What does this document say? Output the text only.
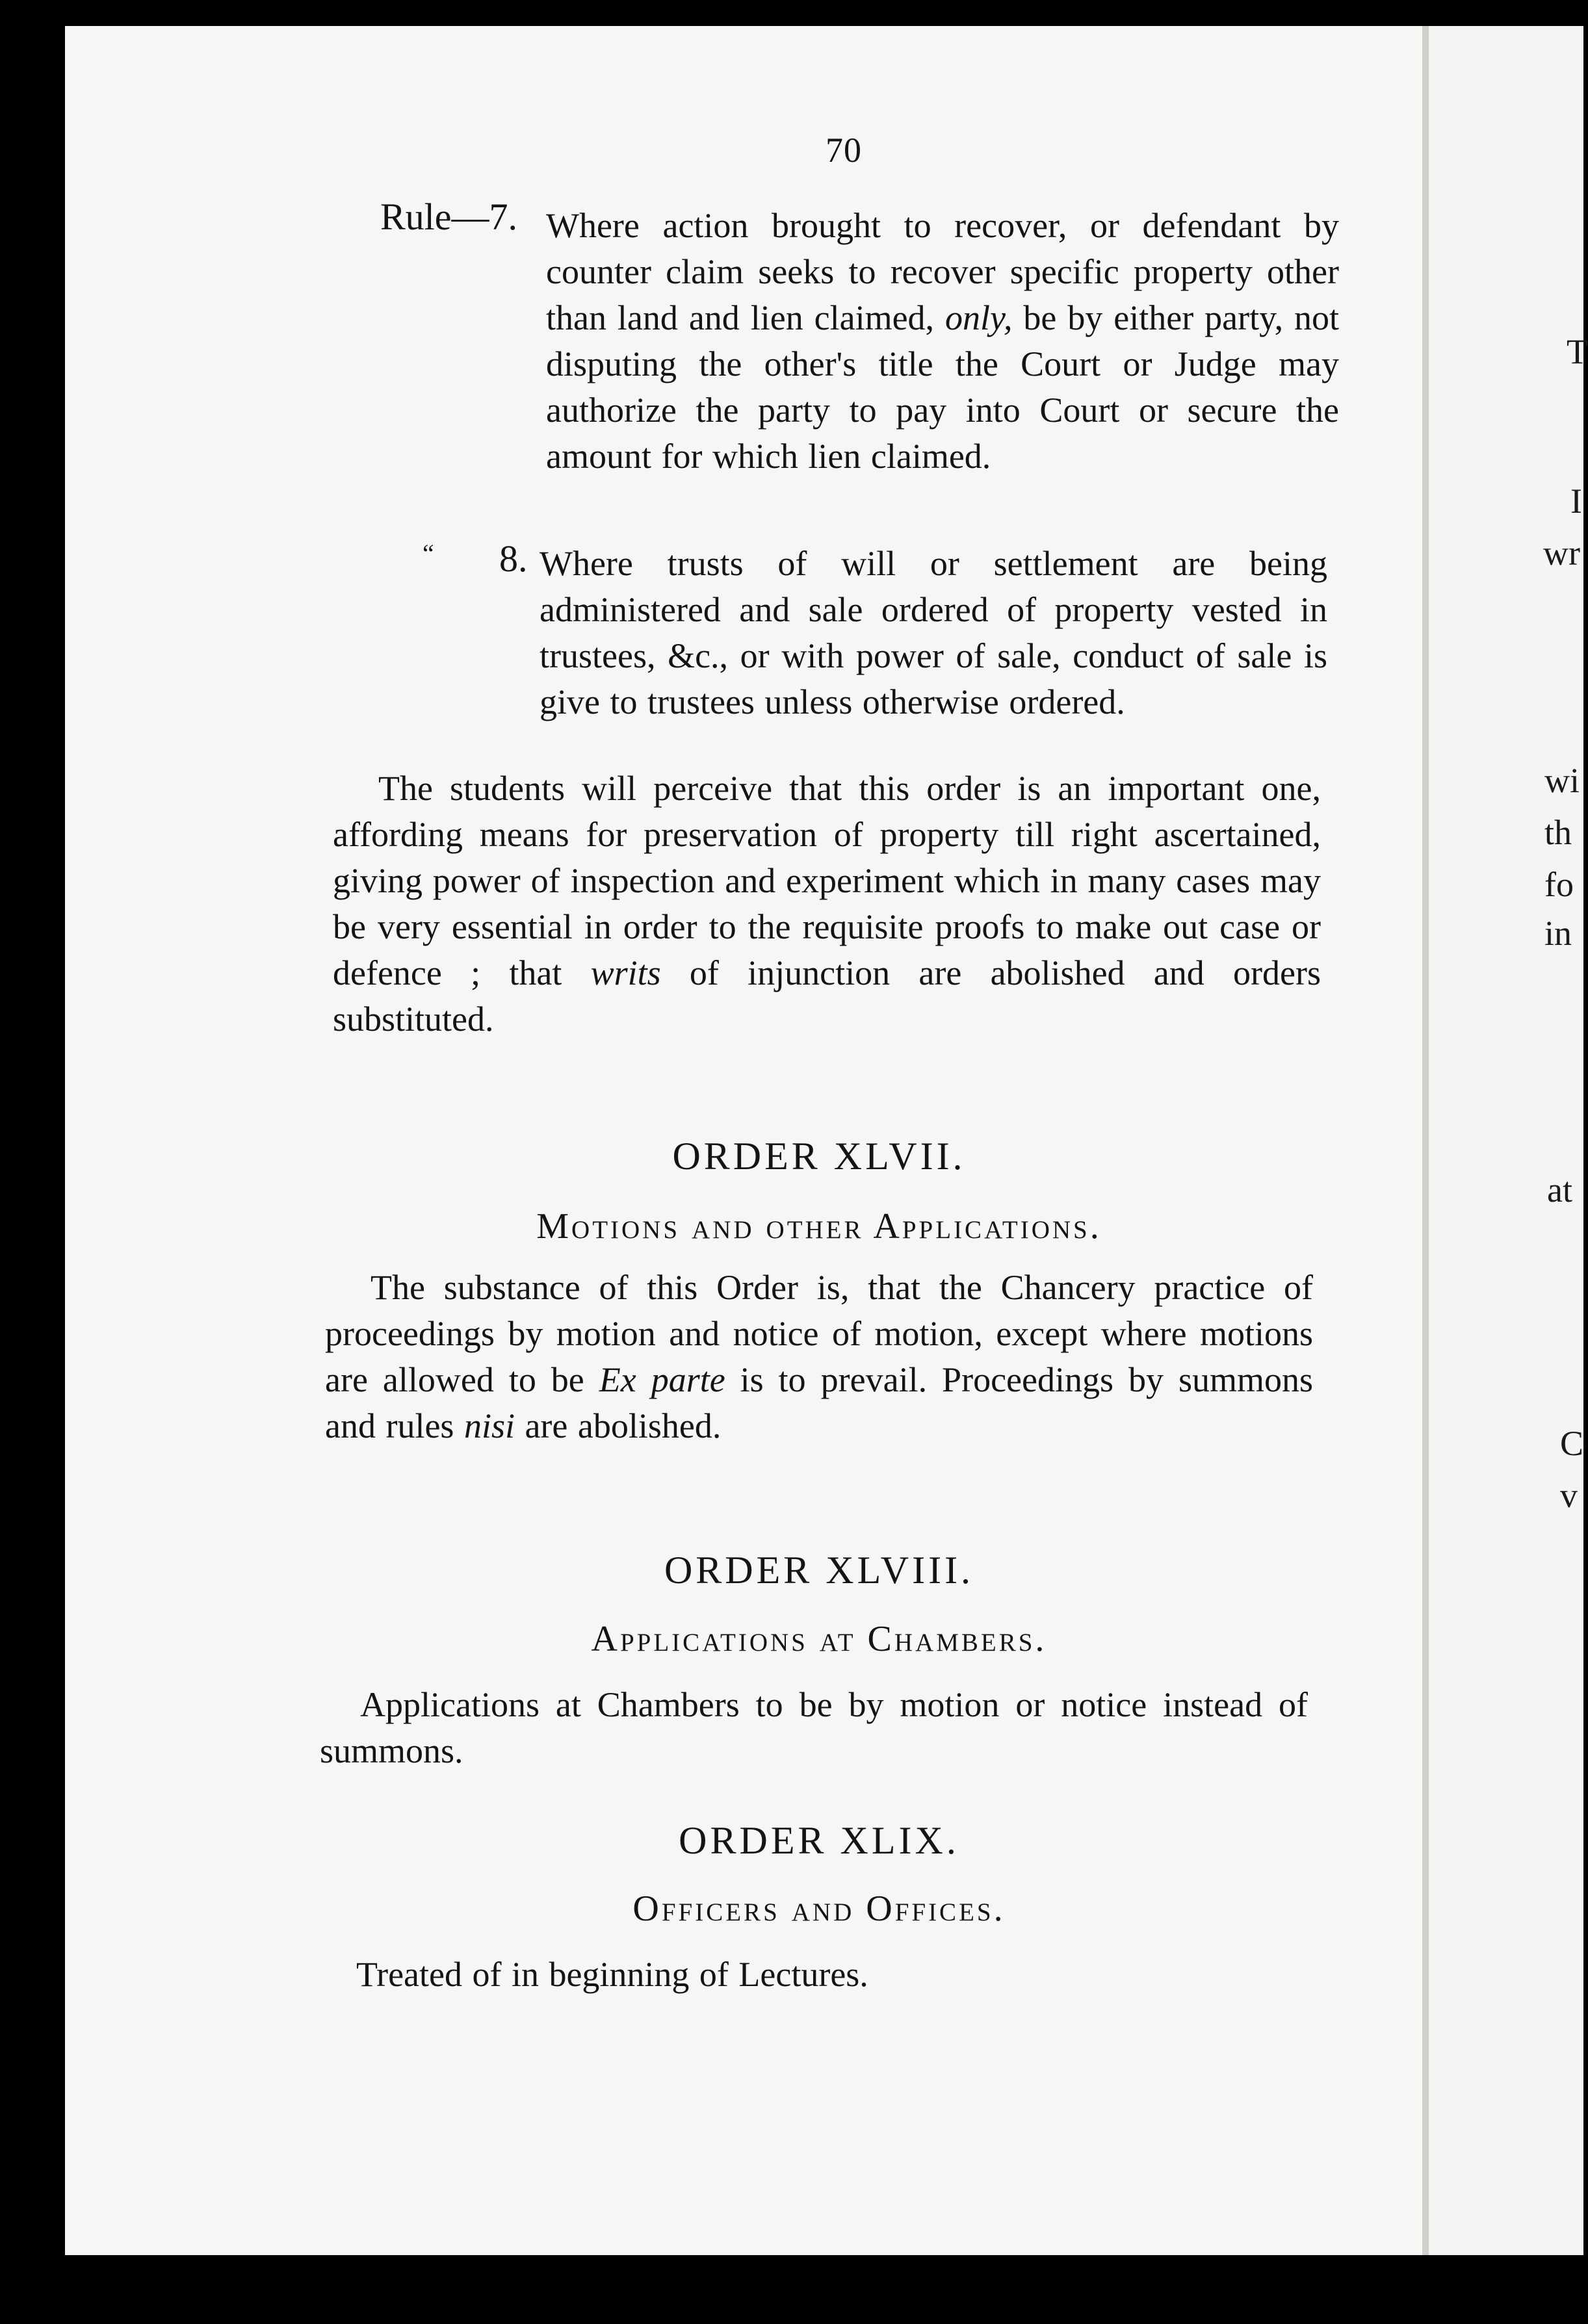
70
Rule—7. Where action brought to recover, or defendant by counter claim seeks to recover specific property other than land and lien claimed, only, be by either party, not disputing the other's title the Court or Judge may authorize the party to pay into Court or secure the amount for which lien claimed.
“ 8. Where trusts of will or settlement are being administered and sale ordered of property vested in trustees, &c., or with power of sale, conduct of sale is give to trustees unless otherwise ordered.
The students will perceive that this order is an important one, affording means for preservation of property till right ascertained, giving power of inspection and experiment which in many cases may be very essential in order to the requisite proofs to make out case or defence ; that writs of injunction are abolished and orders substituted.
ORDER XLVII.
Motions and other Applications.
The substance of this Order is, that the Chancery practice of proceedings by motion and notice of motion, except where motions are allowed to be Ex parte is to prevail. Proceedings by summons and rules nisi are abolished.
ORDER XLVIII.
Applications at Chambers.
Applications at Chambers to be by motion or notice instead of summons.
ORDER XLIX.
Officers and Offices.
Treated of in beginning of Lectures.
T
I
wr
wi
th
fo
in
at
C
v
